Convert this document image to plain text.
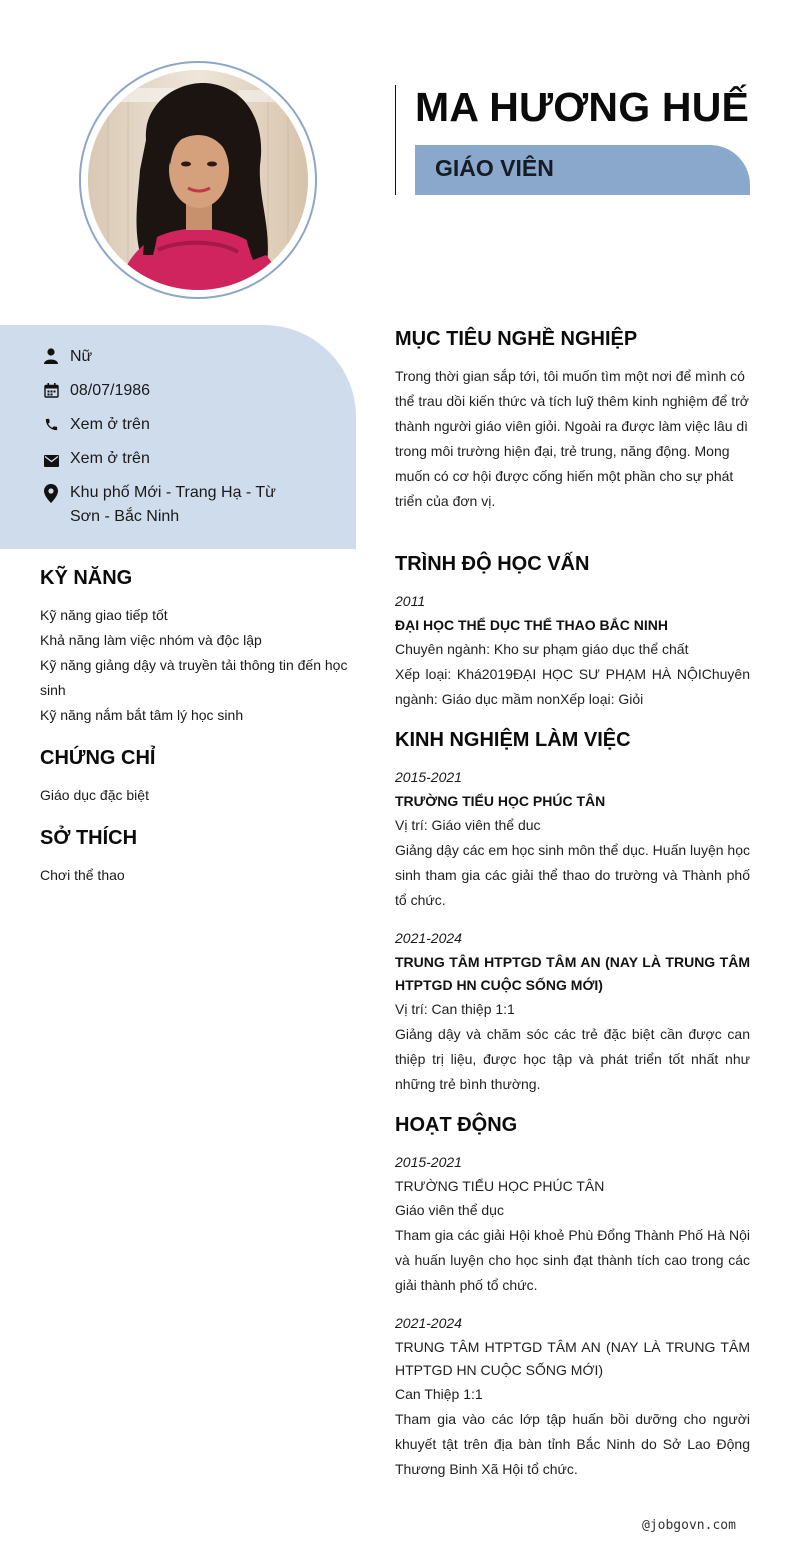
MA HƯƠNG HUẾ
GIÁO VIÊN
Nữ
08/07/1986
Xem ở trên
Xem ở trên
Khu phố Mới - Trang Hạ - Từ Sơn - Bắc Ninh
KỸ NĂNG
Kỹ năng giao tiếp tốt
Khả năng làm việc nhóm và độc lập
Kỹ năng giảng dậy và truyền tải thông tin đến học sinh
Kỹ năng nắm bắt tâm lý học sinh
CHỨNG CHỈ
Giáo dục đặc biệt
SỞ THÍCH
Chơi thể thao
MỤC TIÊU NGHỀ NGHIỆP
Trong thời gian sắp tới, tôi muốn tìm một nơi để mình có thể trau dồi kiến thức và tích luỹ thêm kinh nghiệm để trở thành người giáo viên giỏi. Ngoài ra được làm việc lâu dì trong môi trường hiện đại, trẻ trung, năng động. Mong muốn có cơ hội được cống hiến một phần cho sự phát triển của đơn vị.
TRÌNH ĐỘ HỌC VẤN
2011
ĐẠI HỌC THỂ DỤC THỂ THAO BẮC NINH
Chuyên ngành: Kho sư phạm giáo dục thể chất
Xếp loại: Khá2019ĐẠI HỌC SƯ PHẠM HÀ NỘIChuyên ngành: Giáo dục mầm nonXếp loại: Giỏi
KINH NGHIỆM LÀM VIỆC
2015-2021
TRƯỜNG TIỂU HỌC PHÚC TÂN
Vị trí: Giáo viên thể duc
Giảng dậy các em học sinh môn thể dục. Huấn luyện học sinh tham gia các giải thể thao do trường và Thành phố tổ chức.
2021-2024
TRUNG TÂM HTPTGD TÂM AN (NAY LÀ TRUNG TÂM HTPTGD HN CUỘC SỐNG MỚI)
Vị trí: Can thiệp 1:1
Giảng dậy và chăm sóc các trẻ đặc biệt cần được can thiệp trị liệu, được học tập và phát triển tốt nhất như những trẻ bình thường.
HOẠT ĐỘNG
2015-2021
TRƯỜNG TIỂU HỌC PHÚC TÂN
Giáo viên thể dục
Tham gia các giải Hội khoẻ Phù Đổng Thành Phố Hà Nội và huấn luyện cho học sinh đạt thành tích cao trong các giải thành phố tổ chức.
2021-2024
TRUNG TÂM HTPTGD TÂM AN (NAY LÀ TRUNG TÂM HTPTGD HN CUỘC SỐNG MỚI)
Can Thiệp 1:1
Tham gia vào các lớp tập huấn bồi dưỡng cho người khuyết tật trên địa bàn tỉnh Bắc Ninh do Sở Lao Động Thương Binh Xã Hội tổ chức.
@jobgovn.com
